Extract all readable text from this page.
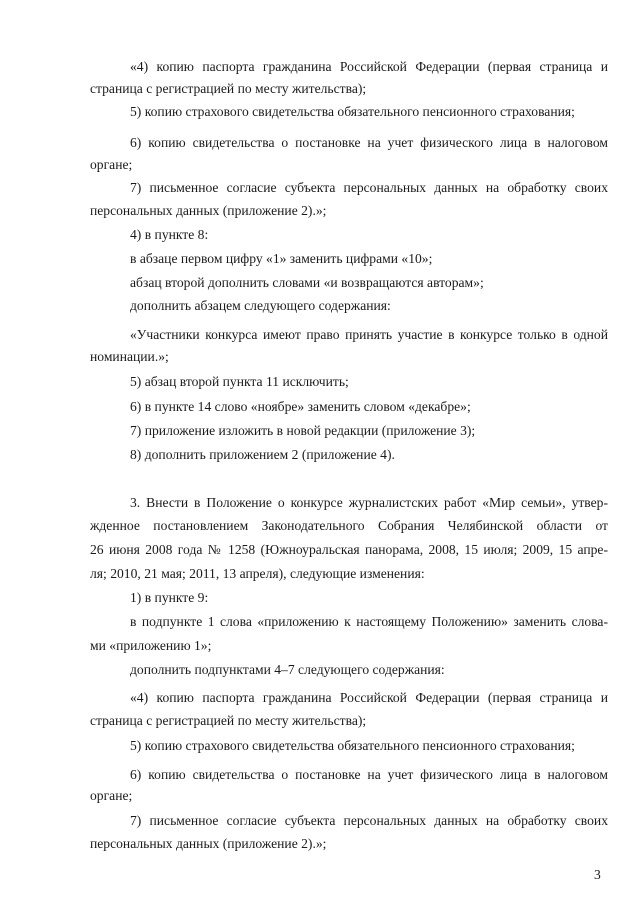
«4) копию паспорта гражданина Российской Федерации (первая страница и
страница с регистрацией по месту жительства);
5) копию страхового свидетельства обязательного пенсионного страхования;
6) копию свидетельства о постановке на учет физического лица в налоговом
органе;
7) письменное согласие субъекта персональных данных на обработку своих
персональных данных (приложение 2).»;
4) в пункте 8:
в абзаце первом цифру «1» заменить цифрами «10»;
абзац второй дополнить словами «и возвращаются авторам»;
дополнить абзацем следующего содержания:
«Участники конкурса имеют право принять участие в конкурсе только в одной
номинации.»;
5) абзац второй пункта 11 исключить;
6) в пункте 14 слово «ноябре» заменить словом «декабре»;
7) приложение изложить в новой редакции (приложение 3);
8) дополнить приложением 2 (приложение 4).
3. Внести в Положение о конкурсе журналистских работ «Мир семьи», утвер-
жденное постановлением Законодательного Собрания Челябинской области от
26 июня 2008 года № 1258 (Южноуральская панорама, 2008, 15 июля; 2009, 15 апре-
ля; 2010, 21 мая; 2011, 13 апреля), следующие изменения:
1) в пункте 9:
в подпункте 1 слова «приложению к настоящему Положению» заменить слова-
ми «приложению 1»;
дополнить подпунктами 4–7 следующего содержания:
«4) копию паспорта гражданина Российской Федерации (первая страница и
страница с регистрацией по месту жительства);
5) копию страхового свидетельства обязательного пенсионного страхования;
6) копию свидетельства о постановке на учет физического лица в налоговом
органе;
7) письменное согласие субъекта персональных данных на обработку своих
персональных данных (приложение 2).»;
3
